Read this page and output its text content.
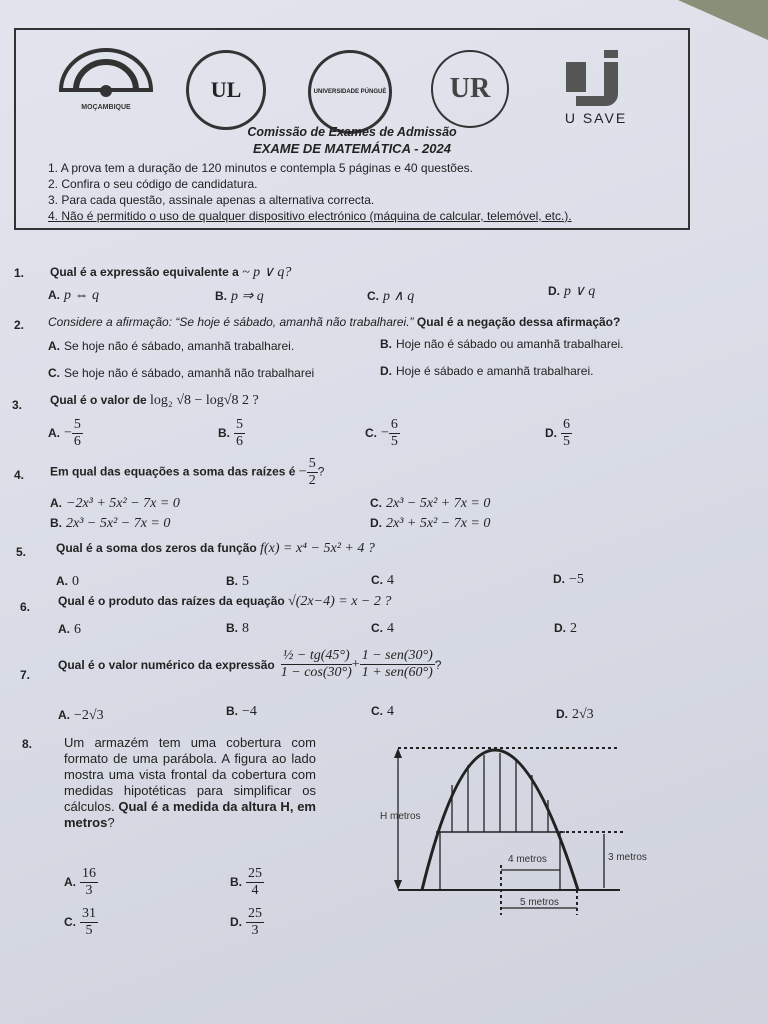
MOÇAMBIQUE
UL	UNIVERSIDADE PÚNGUÈ	UR
U SAVE
Comissão de Exames de Admissão
EXAME DE MATEMÁTICA - 2024
1. A prova tem a duração de 120 minutos e contempla 5 páginas e 40 questões.
2. Confira o seu código de candidatura.
3. Para cada questão, assinale apenas a alternativa correcta.
4. Não é permitido o uso de qualquer dispositivo electrónico (máquina de calcular, telemóvel, etc.).
1. Qual é a expressão equivalente a ~ p ∨ q?
A. p ⇔ q	B. p ⇒ q	C. p ∧ q	D. p ∨ q
2. Considere a afirmação: “Se hoje é sábado, amanhã não trabalharei.” Qual é a negação dessa afirmação?
A. Se hoje não é sábado, amanhã trabalharei.	B. Hoje não é sábado ou amanhã trabalharei.
C. Se hoje não é sábado, amanhã não trabalharei	D. Hoje é sábado e amanhã trabalharei.
3. Qual é o valor de log₂ √8 − log√8 2 ?
A. − $\frac{5}{6}$	B. $\frac{5}{6}$	C. − $\frac{6}{5}$	D. $\frac{6}{5}$
4. Em qual das equações a soma das raízes é − $\frac{5}{2}$ ?
A. −2x³ + 5x² − 7x = 0
B. 2x³ − 5x² − 7x = 0
C. 2x³ − 5x² + 7x = 0
D. 2x³ + 5x² − 7x = 0
5. Qual é a soma dos zeros da função f(x) = x⁴ − 5x² + 4 ?
A. 0	B. 5	C. 4	D. −5
6. Qual é o produto das raízes da equação √(2x−4) = x − 2 ?
A. 6	B. 8	C. 4	D. 2
7.
Qual é o valor numérico da expressão
½ − tg(45°)
1 − cos(30°)
+
1 − sen(30°)
1 + sen(60°)
?
A. −2√3	B. −4	C. 4	D. 2√3
8. Um armazém tem uma cobertura com formato de uma parábola. A figura ao lado mostra uma vista frontal da cobertura com medidas hipotéticas para simplificar os cálculos. Qual é a medida da altura H, em metros?
A. $\frac{16}{3}$	B. $\frac{25}{4}$
C. $\frac{31}{5}$	D. $\frac{25}{3}$
H metros
4 metros	3 metros
5 metros
